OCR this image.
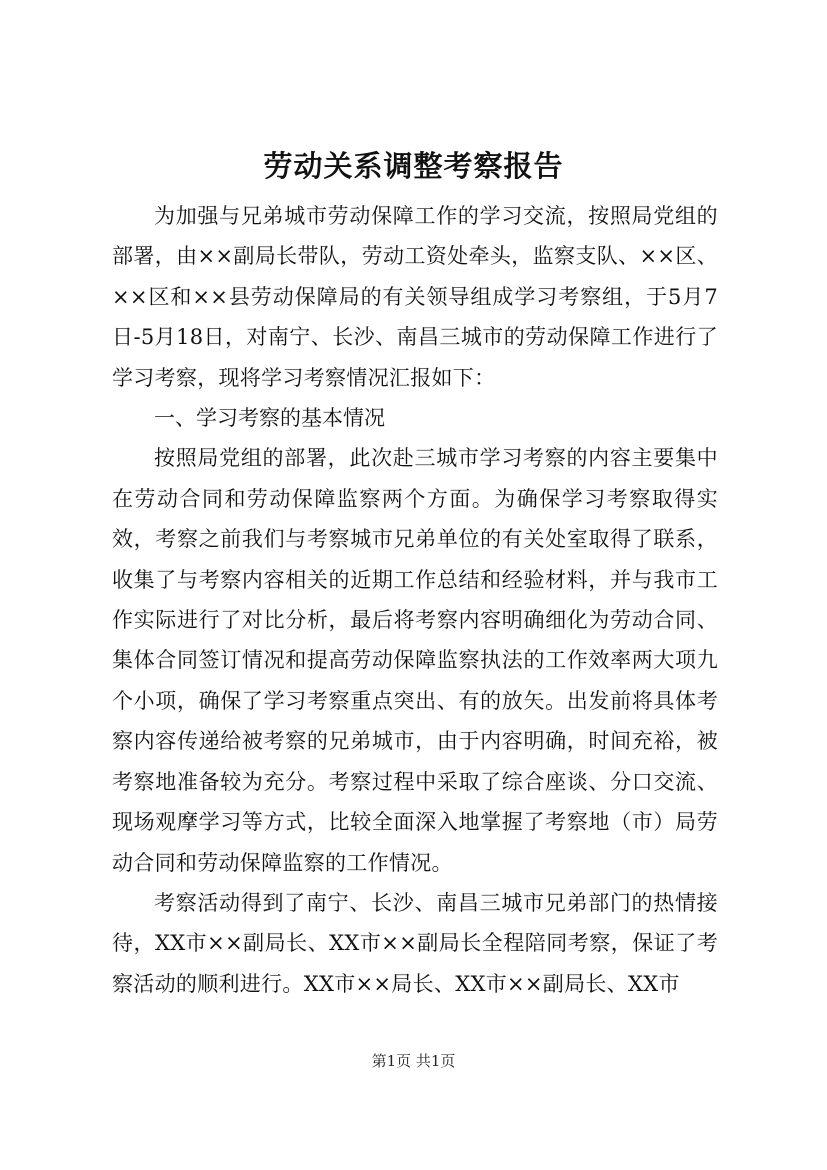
劳动关系调整考察报告

为加强与兄弟城市劳动保障工作的学习交流，按照局党组的部署，由××副局长带队，劳动工资处牵头，监察支队、××区、××区和××县劳动保障局的有关领导组成学习考察组，于5月7日-5月18日，对南宁、长沙、南昌三城市的劳动保障工作进行了学习考察，现将学习考察情况汇报如下：

一、学习考察的基本情况

按照局党组的部署，此次赴三城市学习考察的内容主要集中在劳动合同和劳动保障监察两个方面。为确保学习考察取得实效，考察之前我们与考察城市兄弟单位的有关处室取得了联系，收集了与考察内容相关的近期工作总结和经验材料，并与我市工作实际进行了对比分析，最后将考察内容明确细化为劳动合同、集体合同签订情况和提高劳动保障监察执法的工作效率两大项九个小项，确保了学习考察重点突出、有的放矢。出发前将具体考察内容传递给被考察的兄弟城市，由于内容明确，时间充裕，被考察地准备较为充分。考察过程中采取了综合座谈、分口交流、现场观摩学习等方式，比较全面深入地掌握了考察地（市）局劳动合同和劳动保障监察的工作情况。

考察活动得到了南宁、长沙、南昌三城市兄弟部门的热情接待，XX市××副局长、XX市××副局长全程陪同考察，保证了考察活动的顺利进行。XX市××局长、XX市××副局长、XX市

第1页 共1页
